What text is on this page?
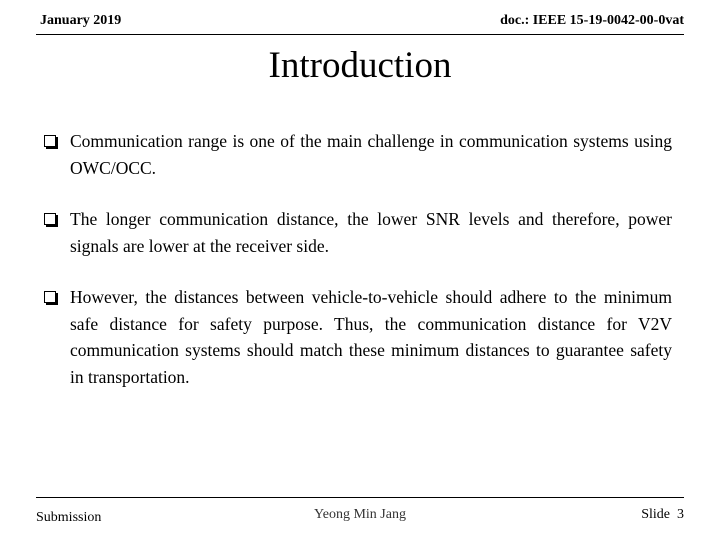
January 2019	doc.: IEEE 15-19-0042-00-0vat
Introduction
Communication range is one of the main challenge in communication systems using OWC/OCC.
The longer communication distance, the lower SNR levels and therefore, power signals are lower at the receiver side.
However, the distances between vehicle-to-vehicle should adhere to the minimum safe distance for safety purpose. Thus, the communication distance for V2V communication systems should match these minimum distances to guarantee safety in transportation.
Submission	Yeong Min Jang	Slide 3
